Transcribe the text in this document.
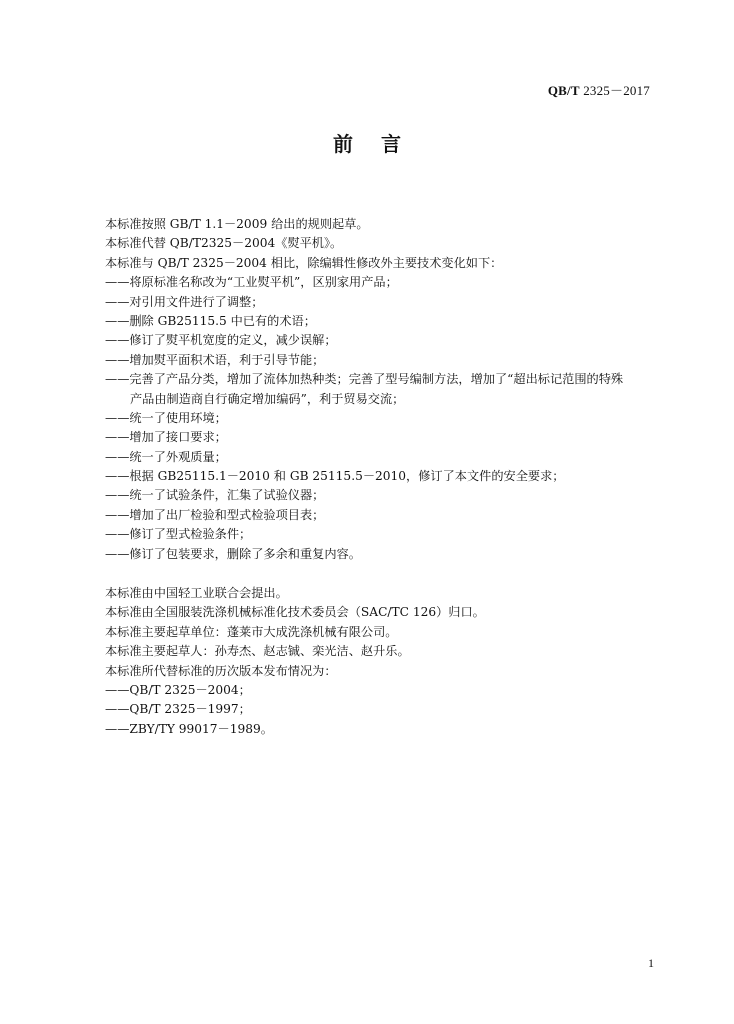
QB/T 2325－2017
前言
本标准按照 GB/T 1.1－2009 给出的规则起草。
本标准代替 QB/T2325－2004《熨平机》。
本标准与 QB/T 2325－2004 相比，除编辑性修改外主要技术变化如下：
——将原标准名称改为“工业熨平机”，区别家用产品；
——对引用文件进行了调整；
——删除 GB25115.5 中已有的术语；
——修订了熨平机宽度的定义，减少误解；
——增加熨平面积术语，利于引导节能；
——完善了产品分类，增加了流体加热种类；完善了型号编制方法，增加了“超出标记范围的特殊
产品由制造商自行确定增加编码”，利于贸易交流；
——统一了使用环境；
——增加了接口要求；
——统一了外观质量；
——根据 GB25115.1－2010 和 GB 25115.5－2010，修订了本文件的安全要求；
——统一了试验条件，汇集了试验仪器；
——增加了出厂检验和型式检验项目表；
——修订了型式检验条件；
——修订了包装要求，删除了多余和重复内容。
本标准由中国轻工业联合会提出。
本标准由全国服装洗涤机械标准化技术委员会（SAC/TC 126）归口。
本标准主要起草单位：蓬莱市大成洗涤机械有限公司。
本标准主要起草人：孙寿杰、赵志铖、栾光洁、赵升乐。
本标准所代替标准的历次版本发布情况为：
——QB/T 2325－2004；
——QB/T 2325－1997；
——ZBY/TY 99017－1989。
1
